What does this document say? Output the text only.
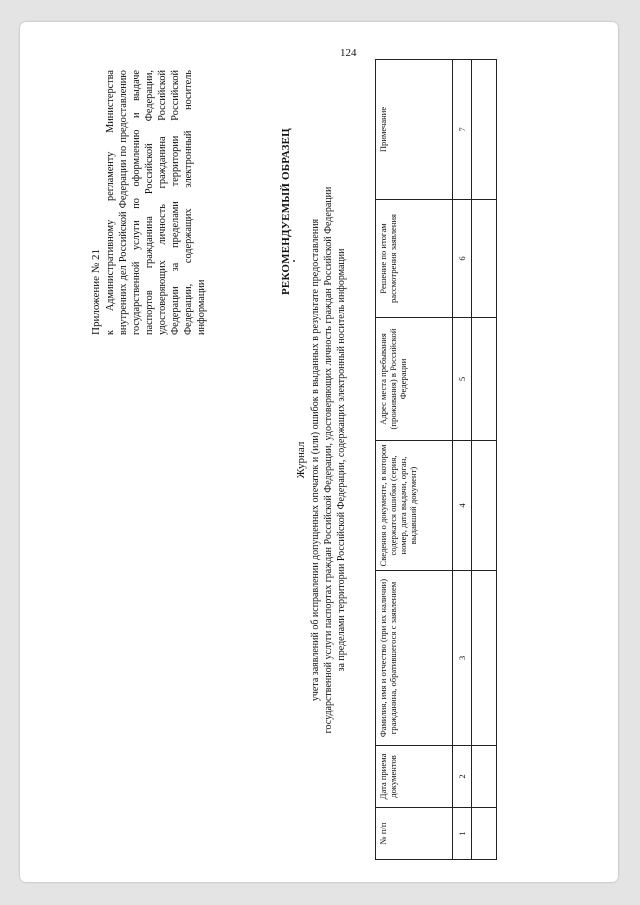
124
Приложение № 21 к Административному регламенту Министерства внутренних дел Российской Федерации по предоставлению государственной услуги по оформлению и выдаче паспортов гражданина Российской Федерации, удостоверяющих личность гражданина Российской Федерации за пределами территории Российской Федерации, содержащих электронный носитель информации
РЕКОМЕНДУЕМЫЙ ОБРАЗЕЦ
Журнал учета заявлений об исправлении допущенных опечаток и (или) ошибок в выданных в результате предоставления государственной услуги паспортах граждан Российской Федерации, удостоверяющих личность граждан Российской Федерации за пределами территории Российской Федерации, содержащих электронный носитель информации
№ п/п	Дата приема документов	Фамилия, имя и отчество (при их наличии) гражданина, обратившегося с заявлением	Сведения о документе, в котором содержатся ошибки (серия, номер, дата выдачи, орган, выдавший документ)	Адрес места пребывания (проживания) в Российской Федерации	Решение по итогам рассмотрения заявления	Примечание
1	2	3	4	5	6	7
